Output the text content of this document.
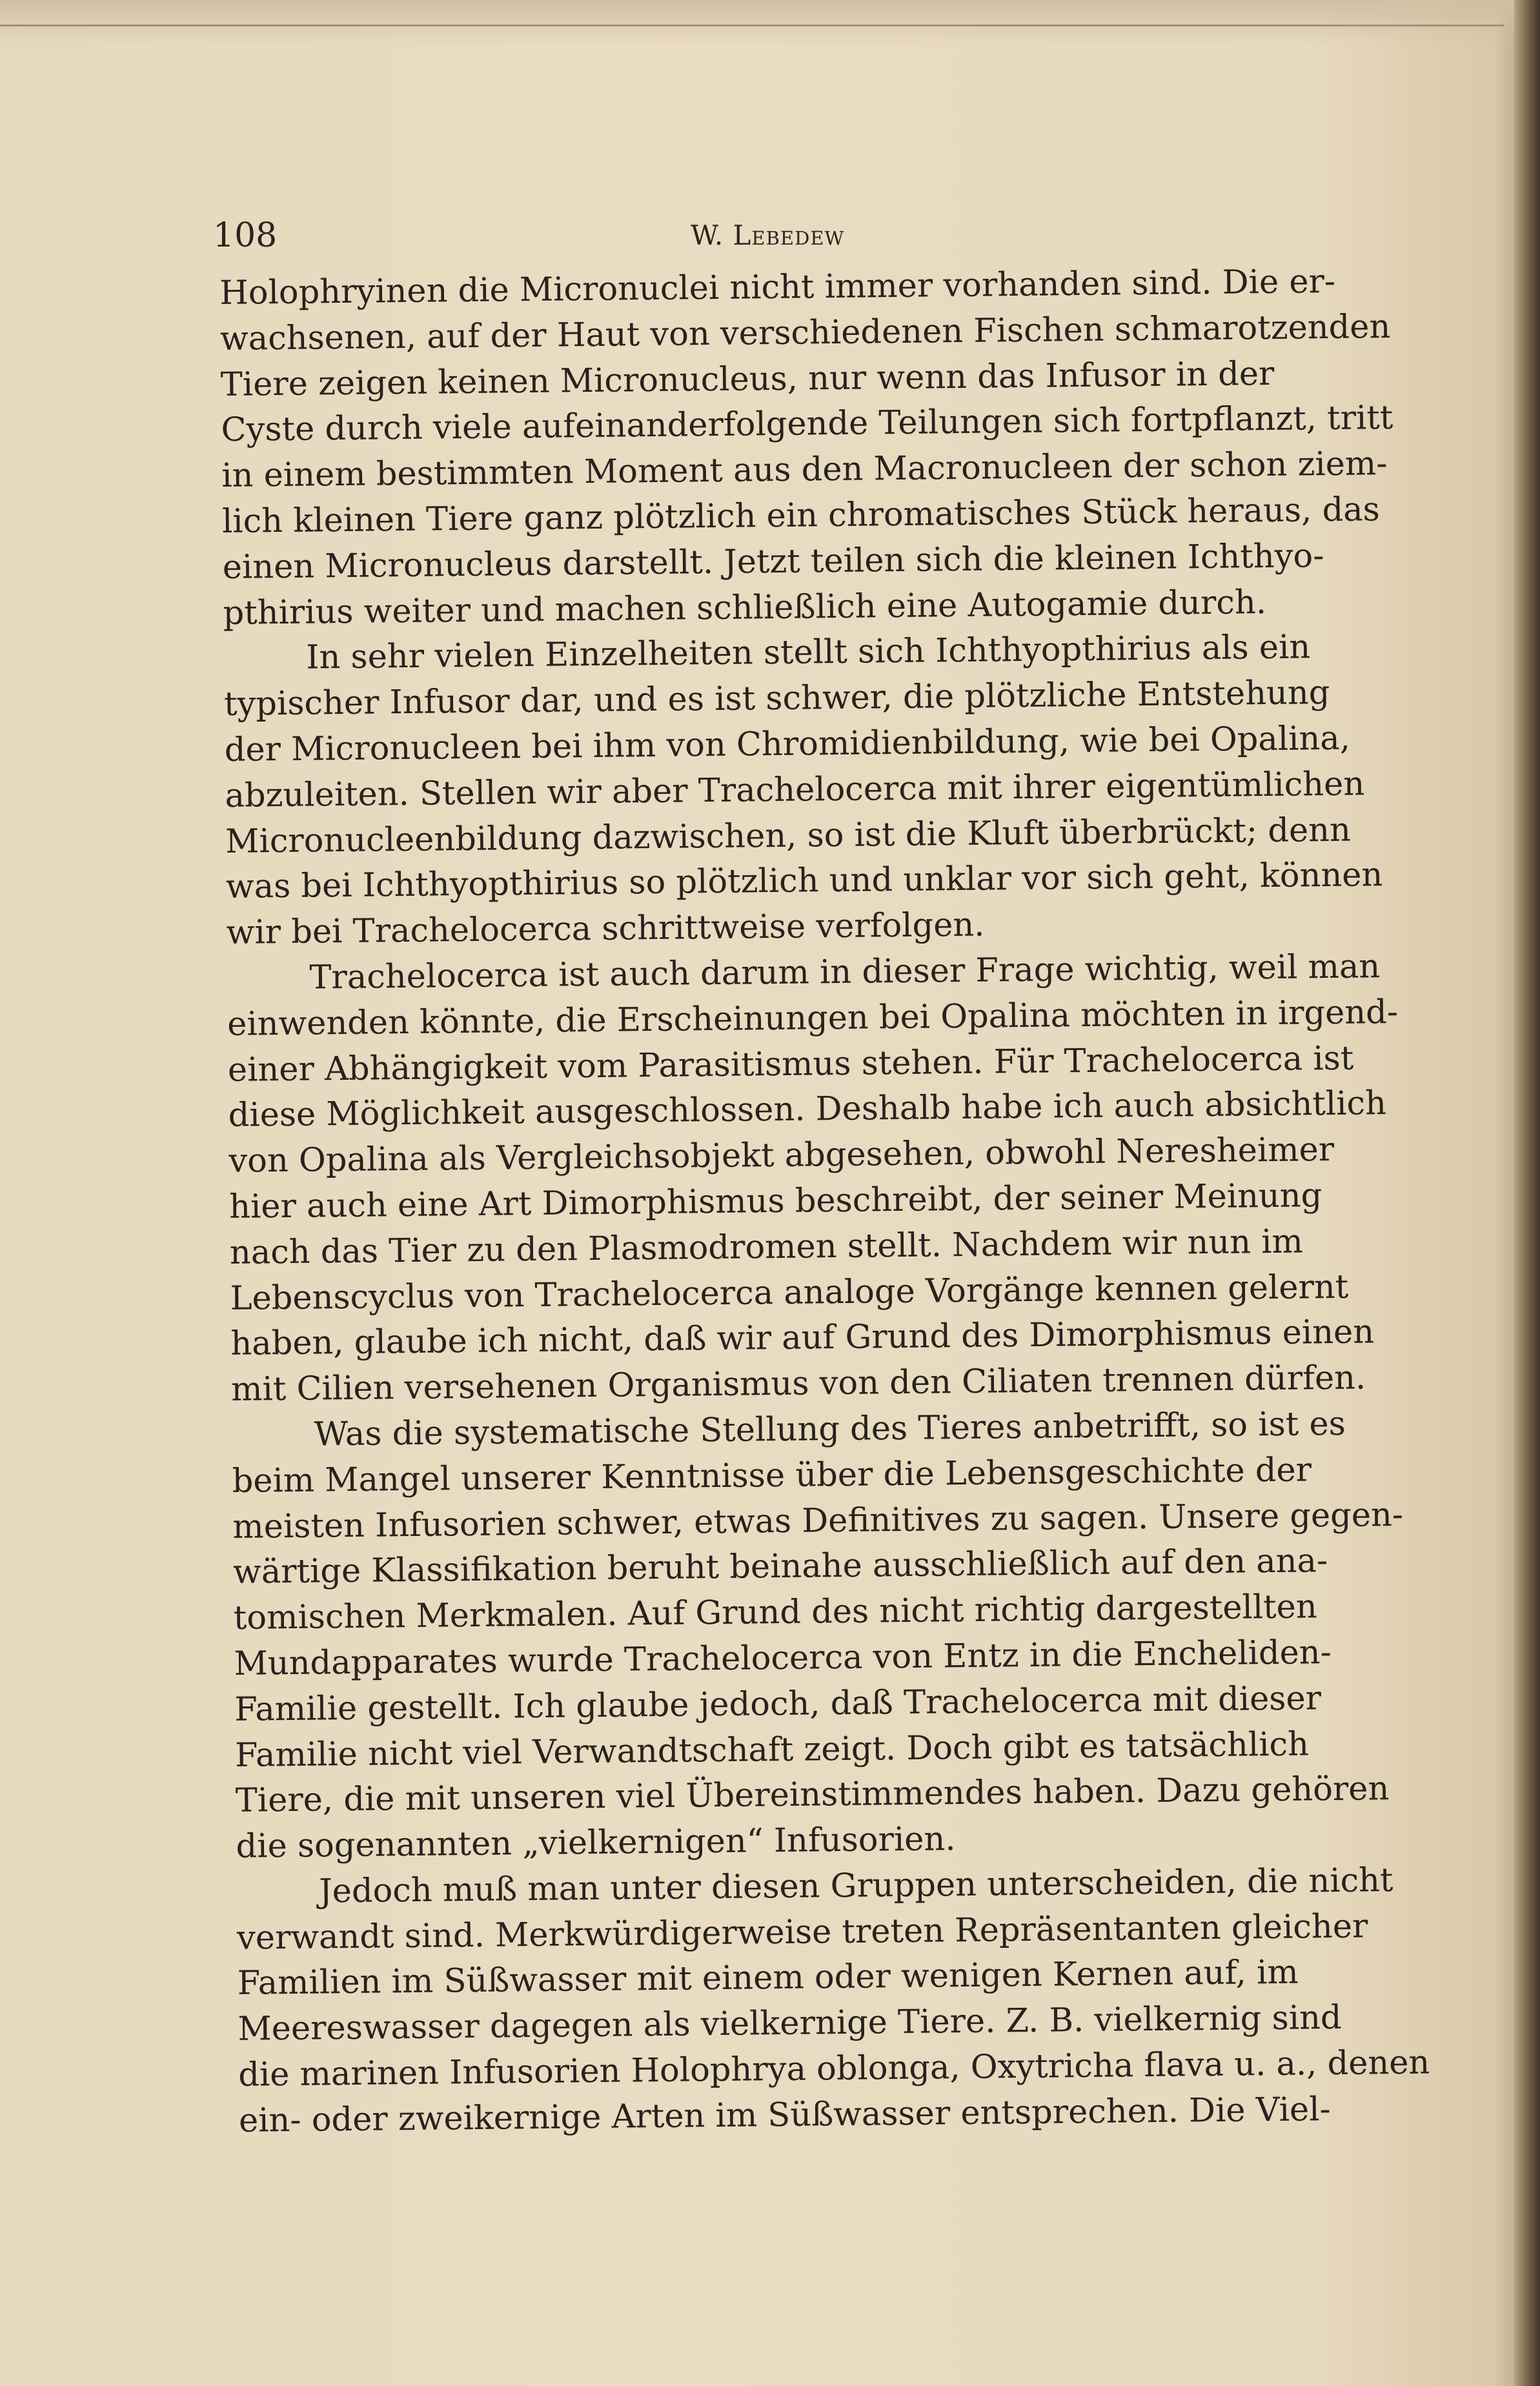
108	W. Lebedew
Holophryinen die Micronuclei nicht immer vorhanden sind. Die er-
wachsenen, auf der Haut von verschiedenen Fischen schmarotzenden
Tiere zeigen keinen Micronucleus, nur wenn das Infusor in der
Cyste durch viele aufeinanderfolgende Teilungen sich fortpflanzt, tritt
in einem bestimmten Moment aus den Macronucleen der schon ziem-
lich kleinen Tiere ganz plötzlich ein chromatisches Stück heraus, das
einen Micronucleus darstellt. Jetzt teilen sich die kleinen Ichthyo-
pthirius weiter und machen schließlich eine Autogamie durch.
In sehr vielen Einzelheiten stellt sich Ichthyopthirius als ein
typischer Infusor dar, und es ist schwer, die plötzliche Entstehung
der Micronucleen bei ihm von Chromidienbildung, wie bei Opalina,
abzuleiten. Stellen wir aber Trachelocerca mit ihrer eigentümlichen
Micronucleenbildung dazwischen, so ist die Kluft überbrückt; denn
was bei Ichthyopthirius so plötzlich und unklar vor sich geht, können
wir bei Trachelocerca schrittweise verfolgen.
Trachelocerca ist auch darum in dieser Frage wichtig, weil man
einwenden könnte, die Erscheinungen bei Opalina möchten in irgend-
einer Abhängigkeit vom Parasitismus stehen. Für Trachelocerca ist
diese Möglichkeit ausgeschlossen. Deshalb habe ich auch absichtlich
von Opalina als Vergleichsobjekt abgesehen, obwohl Neresheimer
hier auch eine Art Dimorphismus beschreibt, der seiner Meinung
nach das Tier zu den Plasmodromen stellt. Nachdem wir nun im
Lebenscyclus von Trachelocerca analoge Vorgänge kennen gelernt
haben, glaube ich nicht, daß wir auf Grund des Dimorphismus einen
mit Cilien versehenen Organismus von den Ciliaten trennen dürfen.
Was die systematische Stellung des Tieres anbetrifft, so ist es
beim Mangel unserer Kenntnisse über die Lebensgeschichte der
meisten Infusorien schwer, etwas Definitives zu sagen. Unsere gegen-
wärtige Klassifikation beruht beinahe ausschließlich auf den ana-
tomischen Merkmalen. Auf Grund des nicht richtig dargestellten
Mundapparates wurde Trachelocerca von Entz in die Encheliden-
Familie gestellt. Ich glaube jedoch, daß Trachelocerca mit dieser
Familie nicht viel Verwandtschaft zeigt. Doch gibt es tatsächlich
Tiere, die mit unseren viel Übereinstimmendes haben. Dazu gehören
die sogenannten „vielkernigen“ Infusorien.
Jedoch muß man unter diesen Gruppen unterscheiden, die nicht
verwandt sind. Merkwürdigerweise treten Repräsentanten gleicher
Familien im Süßwasser mit einem oder wenigen Kernen auf, im
Meereswasser dagegen als vielkernige Tiere. Z. B. vielkernig sind
die marinen Infusorien Holophrya oblonga, Oxytricha flava u. a., denen
ein- oder zweikernige Arten im Süßwasser entsprechen. Die Viel-
